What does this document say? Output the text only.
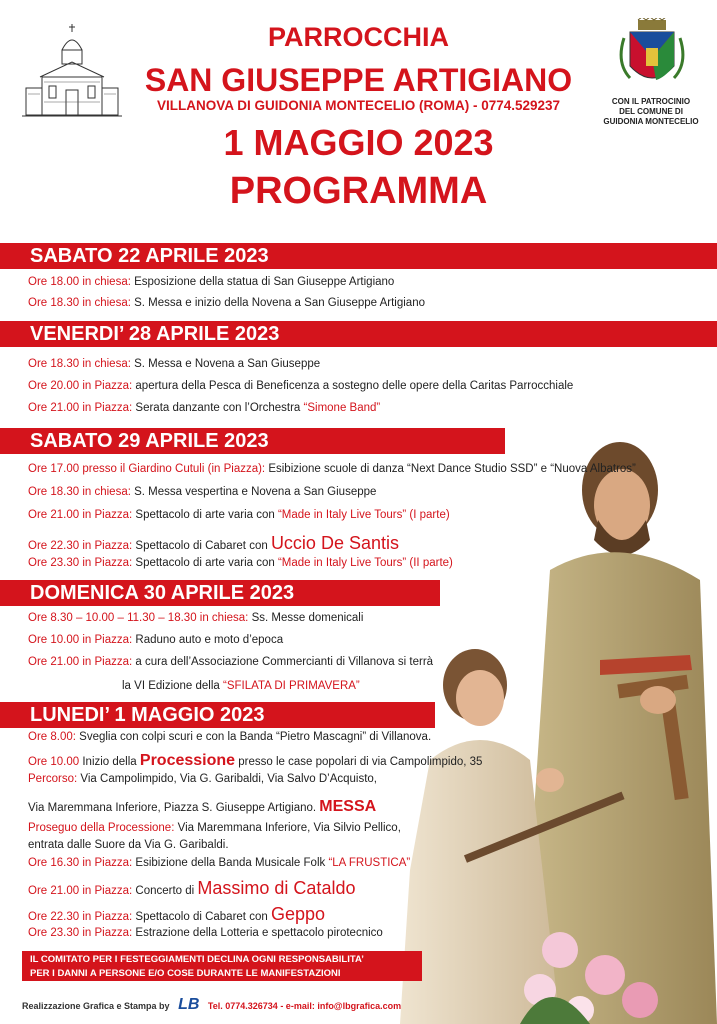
PARROCCHIA
SAN GIUSEPPE ARTIGIANO
VILLANOVA DI GUIDONIA MONTECELIO (ROMA) - 0774.529237
1 MAGGIO 2023
PROGRAMMA
CON IL PATROCINIO
DEL COMUNE DI
GUIDONIA MONTECELIO
SABATO 22 APRILE 2023
Ore 18.00 in chiesa: Esposizione della statua di San Giuseppe Artigiano
Ore 18.30 in chiesa: S. Messa e inizio della Novena a San Giuseppe Artigiano
VENERDI’ 28 APRILE 2023
Ore 18.30 in chiesa: S. Messa e Novena a San Giuseppe
Ore 20.00 in Piazza: apertura della Pesca di Beneficenza a sostegno delle opere della Caritas Parrocchiale
Ore 21.00 in Piazza: Serata danzante con l’Orchestra “Simone Band”
SABATO 29 APRILE 2023
Ore 17.00 presso il Giardino Cutuli (in Piazza): Esibizione scuole di danza “Next Dance Studio SSD” e “Nuova Albatros”
Ore 18.30 in chiesa: S. Messa vespertina e Novena a San Giuseppe
Ore 21.00 in Piazza: Spettacolo di arte varia con “Made in Italy Live Tours” (I parte)
Ore 22.30 in Piazza: Spettacolo di Cabaret con Uccio De Santis
Ore 23.30 in Piazza: Spettacolo di arte varia con “Made in Italy Live Tours” (II parte)
DOMENICA 30 APRILE 2023
Ore 8.30 – 10.00 – 11.30 – 18.30 in chiesa: Ss. Messe domenicali
Ore 10.00 in Piazza: Raduno auto e moto d’epoca
Ore 21.00 in Piazza: a cura dell’Associazione Commercianti di Villanova si terrà
la VI Edizione della “SFILATA DI PRIMAVERA”
LUNEDI’ 1 MAGGIO 2023
Ore 8.00: Sveglia con colpi scuri e con la Banda “Pietro Mascagni” di Villanova.
Ore 10.00 Inizio della Processione presso le case popolari di via Campolimpido, 35
Percorso: Via Campolimpido, Via G. Garibaldi, Via Salvo D’Acquisto,
Via Maremmana Inferiore, Piazza S. Giuseppe Artigiano. MESSA
Proseguo della Processione: Via Maremmana Inferiore, Via Silvio Pellico,
entrata dalle Suore da Via G. Garibaldi.
Ore 16.30 in Piazza: Esibizione della Banda Musicale Folk “LA FRUSTICA”
Ore 21.00 in Piazza: Concerto di Massimo di Cataldo
Ore 22.30 in Piazza: Spettacolo di Cabaret con Geppo
Ore 23.30 in Piazza: Estrazione della Lotteria e spettacolo pirotecnico
IL COMITATO PER I FESTEGGIAMENTI DECLINA OGNI RESPONSABILITA’
PER I DANNI A PERSONE E/O COSE DURANTE LE MANIFESTAZIONI
Realizzazione Grafica e Stampa by LB Tel. 0774.326734 - e-mail: info@lbgrafica.com
